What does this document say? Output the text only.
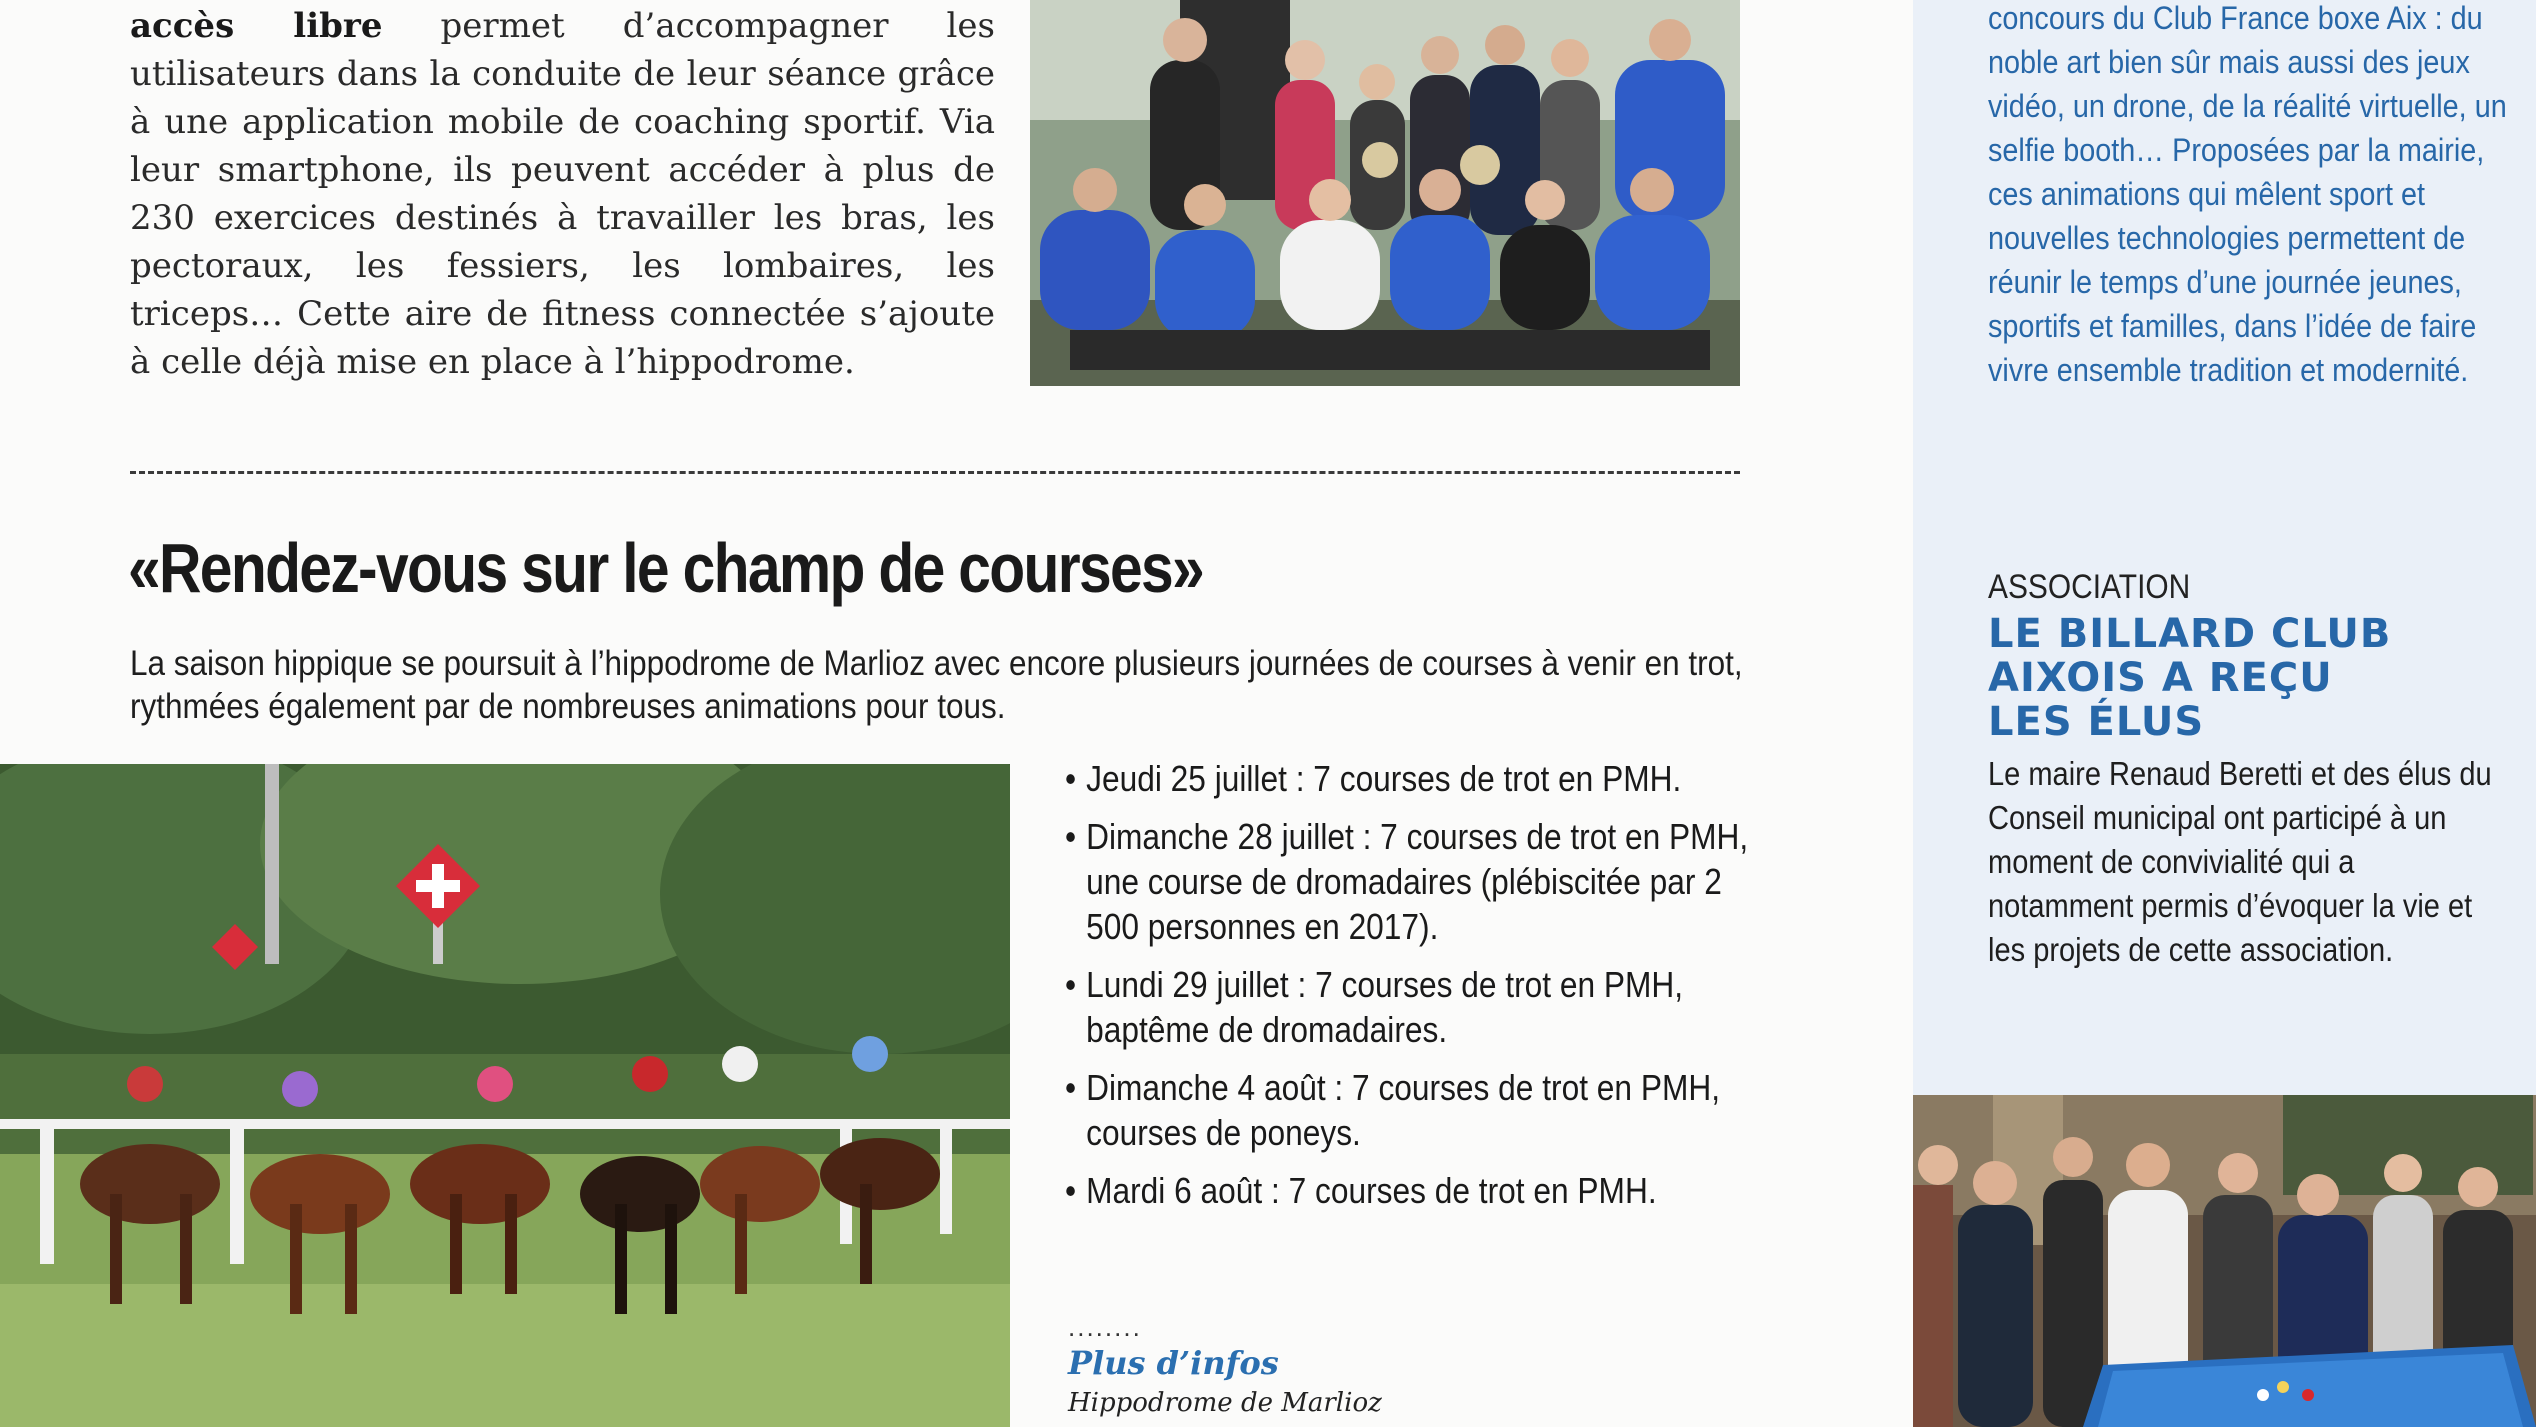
accès libre permet d’accompagner les utilisateurs dans la conduite de leur séance grâce à une application mobile de coaching sportif. Via leur smartphone, ils peuvent accéder à plus de 230 exercices destinés à travailler les bras, les pectoraux, les fessiers, les lombaires, les triceps… Cette aire de fitness connectée s’ajoute à celle déjà mise en place à l’hippodrome.

«Rendez-vous sur le champ de courses»

La saison hippique se poursuit à l’hippodrome de Marlioz avec encore plusieurs journées de courses à venir en trot, rythmées également par de nombreuses animations pour tous.

• Jeudi 25 juillet : 7 courses de trot en PMH.
• Dimanche 28 juillet : 7 courses de trot en PMH, une course de dromadaires (plébiscitée par 2 500 personnes en 2017).
• Lundi 29 juillet : 7 courses de trot en PMH, baptême de dromadaires.
• Dimanche 4 août : 7 courses de trot en PMH, courses de poneys.
• Mardi 6 août : 7 courses de trot en PMH.
........

Plus d’infos

Hippodrome de Marlioz

concours du Club France boxe Aix : du noble art bien sûr mais aussi des jeux vidéo, un drone, de la réalité virtuelle, un selfie booth… Proposées par la mairie, ces animations qui mêlent sport et nouvelles technologies permettent de réunir le temps d’une journée jeunes, sportifs et familles, dans l’idée de faire vivre ensemble tradition et modernité.

ASSOCIATION

LE BILLARD CLUB
AIXOIS A REÇU
LES ÉLUS

Le maire Renaud Beretti et des élus du Conseil municipal ont participé à un moment de convivialité qui a notamment permis d’évoquer la vie et les projets de cette association.
